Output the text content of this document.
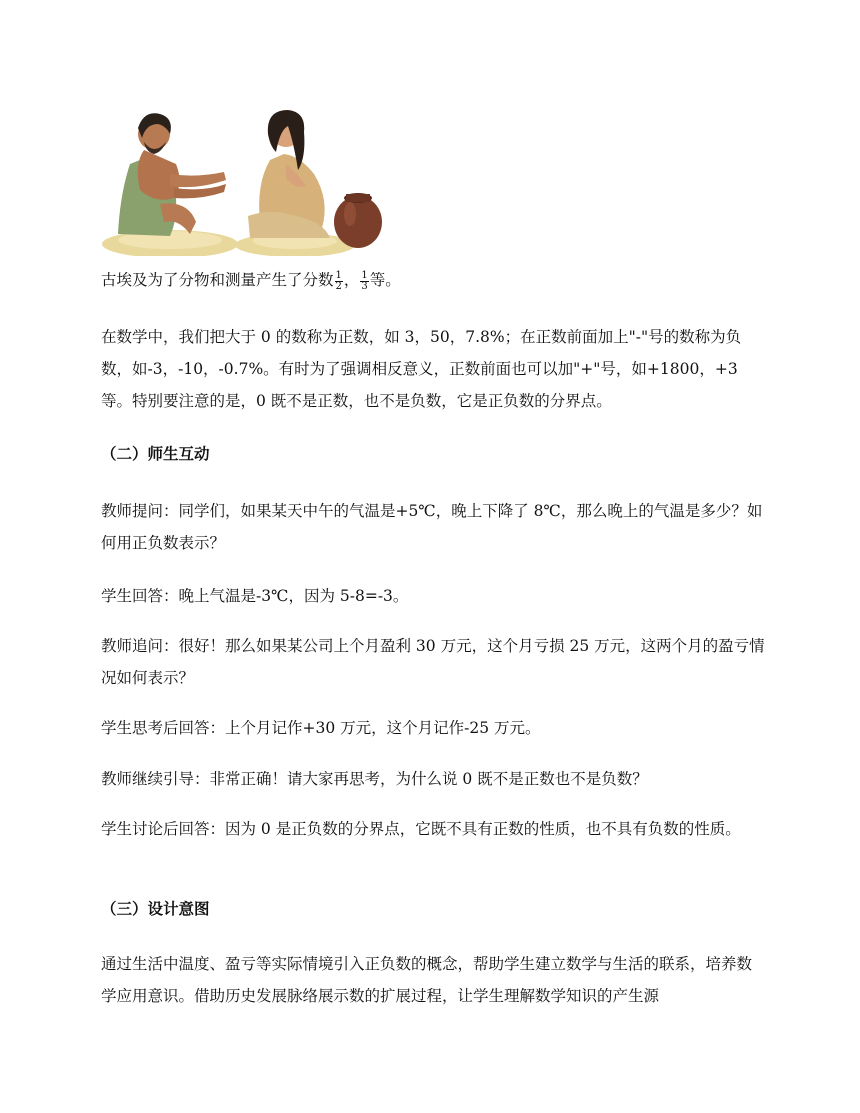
古埃及为了分物和测量产生了分数 $\frac{1}{2}$ ， $\frac{1}{3}$ 等。

在数学中，我们把大于 0 的数称为正数，如 3，50，7.8%；在正数前面加上"-"号的数称为负数，如-3，-10，-0.7%。有时为了强调相反意义，正数前面也可以加"+"号，如+1800，+3 等。特别要注意的是，0 既不是正数，也不是负数，它是正负数的分界点。

（二）师生互动

教师提问：同学们，如果某天中午的气温是+5℃，晚上下降了 8℃，那么晚上的气温是多少？如何用正负数表示？

学生回答：晚上气温是-3℃，因为 5-8=-3。

教师追问：很好！那么如果某公司上个月盈利 30 万元，这个月亏损 25 万元，这两个月的盈亏情况如何表示？

学生思考后回答：上个月记作+30 万元，这个月记作-25 万元。

教师继续引导：非常正确！请大家再思考，为什么说 0 既不是正数也不是负数？

学生讨论后回答：因为 0 是正负数的分界点，它既不具有正数的性质，也不具有负数的性质。

（三）设计意图

通过生活中温度、盈亏等实际情境引入正负数的概念，帮助学生建立数学与生活的联系，培养数学应用意识。借助历史发展脉络展示数的扩展过程，让学生理解数学知识的产生源
